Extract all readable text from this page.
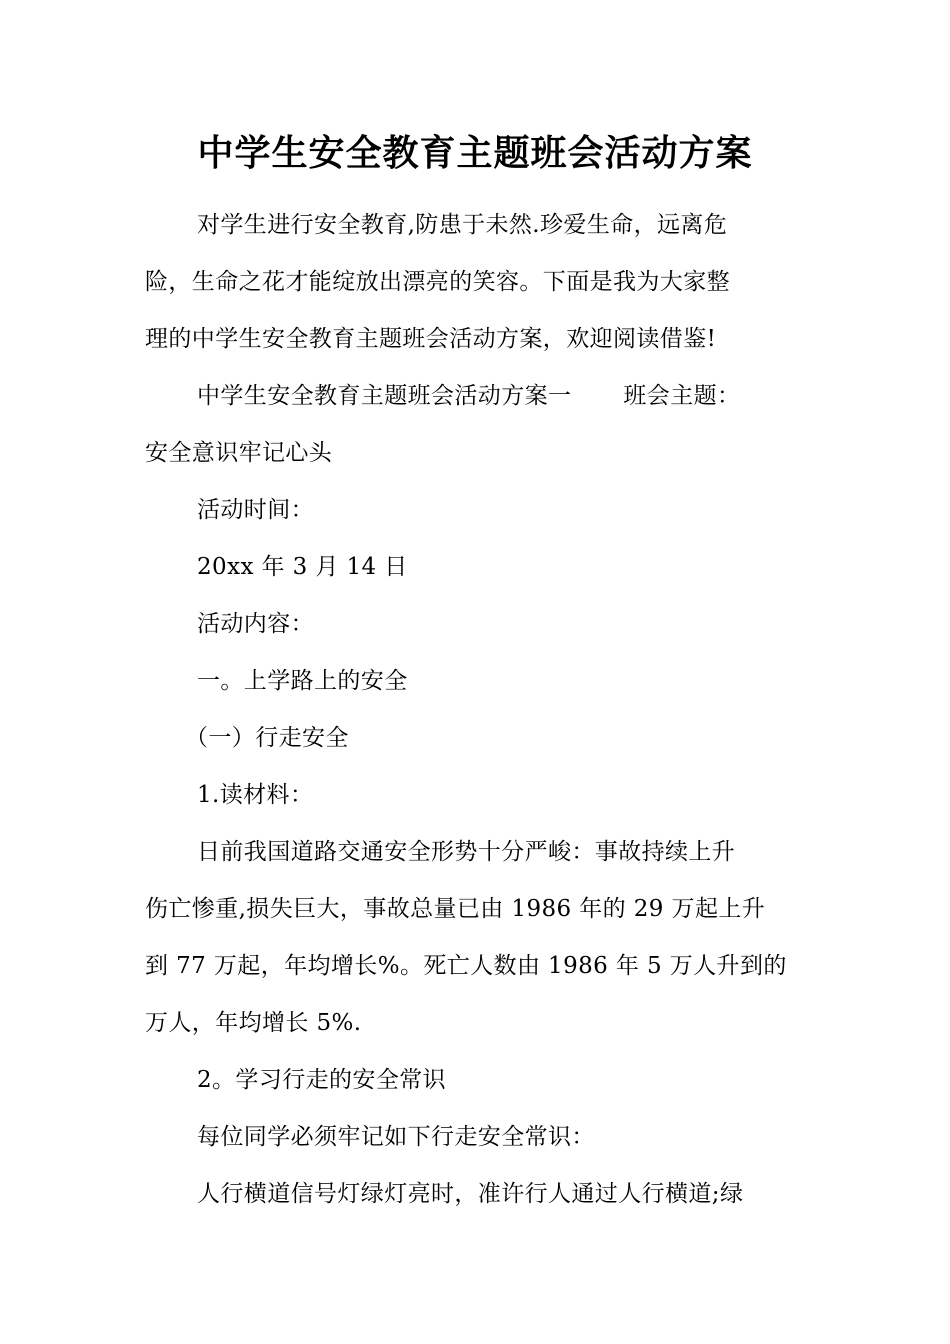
中学生安全教育主题班会活动方案

对学生进行安全教育,防患于未然.珍爱生命，远离危
险，生命之花才能绽放出漂亮的笑容。下面是我为大家整
理的中学生安全教育主题班会活动方案，欢迎阅读借鉴!

中学生安全教育主题班会活动方案一 班会主题：
安全意识牢记心头

活动时间：

20xx 年 3 月 14 日

活动内容：

一。上学路上的安全

（一）行走安全

1.读材料：

日前我国道路交通安全形势十分严峻：事故持续上升
伤亡惨重,损失巨大，事故总量已由 1986 年的 29 万起上升
到 77 万起，年均增长%。死亡人数由 1986 年 5 万人升到的
万人，年均增长 5%.

2。学习行走的安全常识

每位同学必须牢记如下行走安全常识：

人行横道信号灯绿灯亮时，准许行人通过人行横道;绿
